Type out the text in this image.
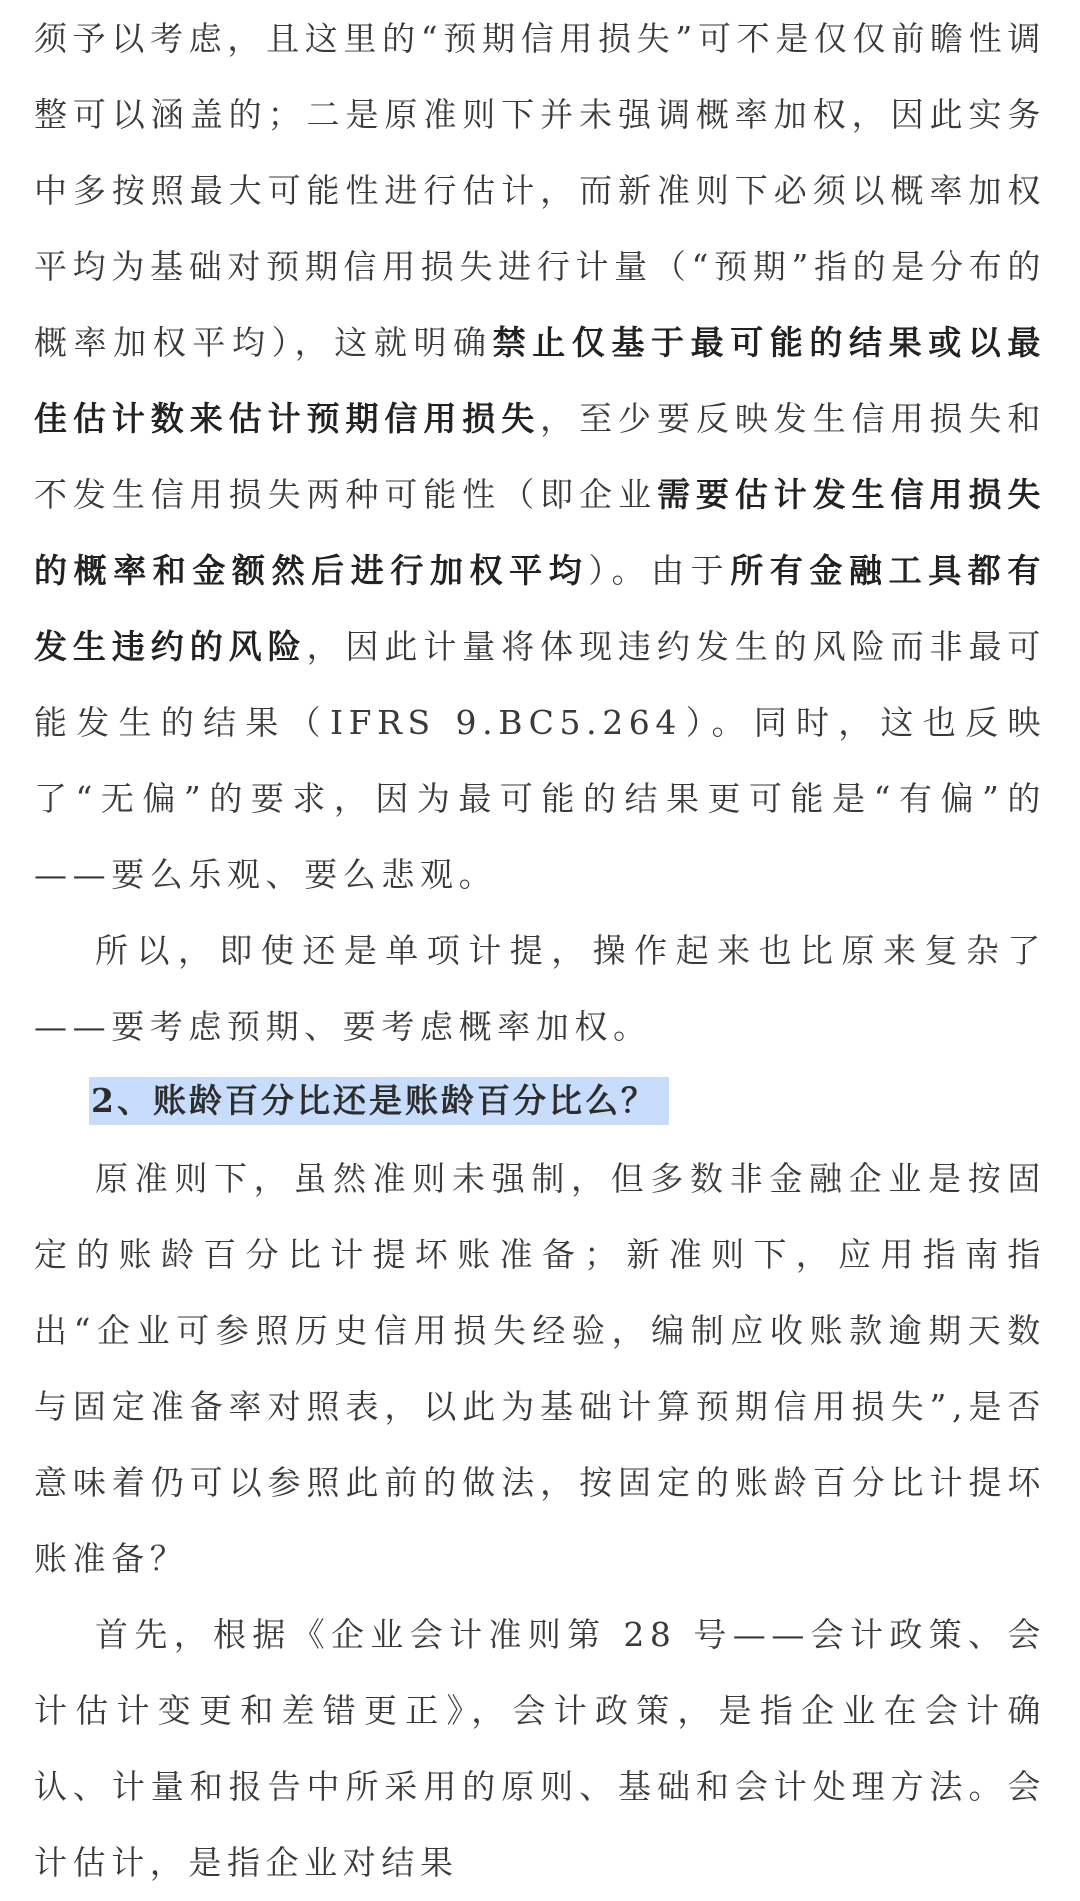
须予以考虑，且这里的“预期信用损失”可不是仅仅前瞻性调整可以涵盖的；二是原准则下并未强调概率加权，因此实务中多按照最大可能性进行估计，而新准则下必须以概率加权平均为基础对预期信用损失进行计量（“预期”指的是分布的概率加权平均），这就明确禁止仅基于最可能的结果或以最佳估计数来估计预期信用损失，至少要反映发生信用损失和不发生信用损失两种可能性（即企业需要估计发生信用损失的概率和金额然后进行加权平均）。由于所有金融工具都有发生违约的风险，因此计量将体现违约发生的风险而非最可能发生的结果（IFRS 9.BC5.264）。同时，这也反映了“无偏”的要求，因为最可能的结果更可能是“有偏”的——要么乐观、要么悲观。

所以，即使还是单项计提，操作起来也比原来复杂了——要考虑预期、要考虑概率加权。

2、账龄百分比还是账龄百分比么？

原准则下，虽然准则未强制，但多数非金融企业是按固定的账龄百分比计提坏账准备；新准则下，应用指南指出“企业可参照历史信用损失经验，编制应收账款逾期天数与固定准备率对照表，以此为基础计算预期信用损失”,是否意味着仍可以参照此前的做法，按固定的账龄百分比计提坏账准备？

首先，根据《企业会计准则第 28 号——会计政策、会计估计变更和差错更正》，会计政策，是指企业在会计确认、计量和报告中所采用的原则、基础和会计处理方法。会计估计，是指企业对结果
